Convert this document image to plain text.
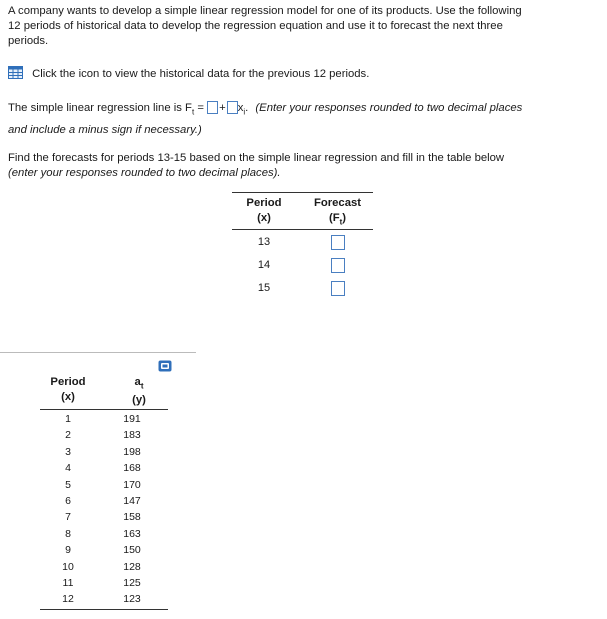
A company wants to develop a simple linear regression model for one of its products. Use the following
12 periods of historical data to develop the regression equation and use it to forecast the next three
periods.
Click the icon to view the historical data for the previous 12 periods.
The simple linear regression line is $F_t$ = + $x_i$. (Enter your responses rounded to two decimal places
and include a minus sign if necessary.)
Find the forecasts for periods 13-15 based on the simple linear regression and fill in the table below
(enter your responses rounded to two decimal places).
Period
(x)
Forecast
$(F_t)$
13
14
15
Period
(x)
$a_t$
(y)
1	191
2	183
3	198
4	168
5	170
6	147
7	158
8	163
9	150
10	128
11	125
12	123
